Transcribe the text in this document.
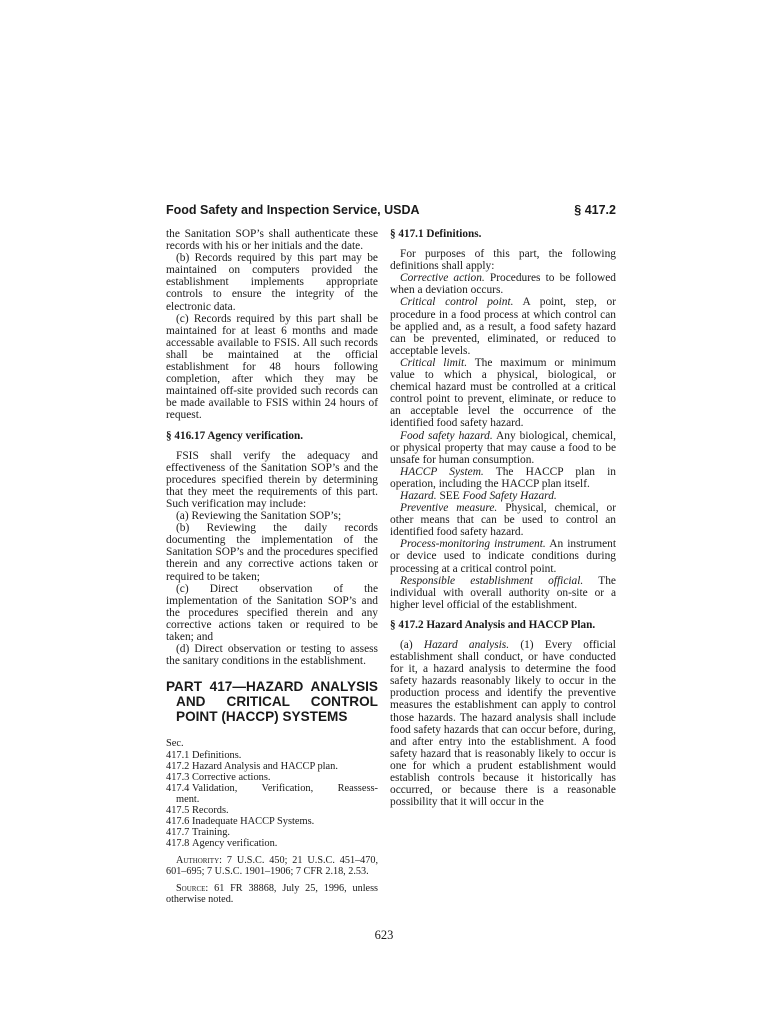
Food Safety and Inspection Service, USDA	§ 417.2

the Sanitation SOP’s shall authenticate these records with his or her initials and the date.

(b) Records required by this part may be maintained on computers provided the establishment implements appropriate controls to ensure the integrity of the electronic data.

(c) Records required by this part shall be maintained for at least 6 months and made accessable available to FSIS. All such records shall be maintained at the official establishment for 48 hours following completion, after which they may be maintained off-site provided such records can be made available to FSIS within 24 hours of request.

§ 416.17 Agency verification.

FSIS shall verify the adequacy and effectiveness of the Sanitation SOP’s and the procedures specified therein by determining that they meet the requirements of this part. Such verification may include:

(a) Reviewing the Sanitation SOP’s;

(b) Reviewing the daily records documenting the implementation of the Sanitation SOP’s and the procedures specified therein and any corrective actions taken or required to be taken;

(c) Direct observation of the implementation of the Sanitation SOP’s and the procedures specified therein and any corrective actions taken or required to be taken; and

(d) Direct observation or testing to assess the sanitary conditions in the establishment.

PART 417—HAZARD ANALYSIS AND CRITICAL CONTROL POINT (HACCP) SYSTEMS

Sec.
417.1 Definitions.
417.2 Hazard Analysis and HACCP plan.
417.3 Corrective actions.
417.4 Validation, Verification, Reassess-
ment.
417.5 Records.
417.6 Inadequate HACCP Systems.
417.7 Training.
417.8 Agency verification.

Authority: 7 U.S.C. 450; 21 U.S.C. 451–470, 601–695; 7 U.S.C. 1901–1906; 7 CFR 2.18, 2.53.

Source: 61 FR 38868, July 25, 1996, unless otherwise noted.

§ 417.1 Definitions.

For purposes of this part, the following definitions shall apply:

Corrective action. Procedures to be followed when a deviation occurs.

Critical control point. A point, step, or procedure in a food process at which control can be applied and, as a result, a food safety hazard can be prevented, eliminated, or reduced to acceptable levels.

Critical limit. The maximum or minimum value to which a physical, biological, or chemical hazard must be controlled at a critical control point to prevent, eliminate, or reduce to an acceptable level the occurrence of the identified food safety hazard.

Food safety hazard. Any biological, chemical, or physical property that may cause a food to be unsafe for human consumption.

HACCP System. The HACCP plan in operation, including the HACCP plan itself.

Hazard. SEE Food Safety Hazard.

Preventive measure. Physical, chemical, or other means that can be used to control an identified food safety hazard.

Process-monitoring instrument. An instrument or device used to indicate conditions during processing at a critical control point.

Responsible establishment official. The individual with overall authority on-site or a higher level official of the establishment.

§ 417.2 Hazard Analysis and HACCP Plan.

(a) Hazard analysis. (1) Every official establishment shall conduct, or have conducted for it, a hazard analysis to determine the food safety hazards reasonably likely to occur in the production process and identify the preventive measures the establishment can apply to control those hazards. The hazard analysis shall include food safety hazards that can occur before, during, and after entry into the establishment. A food safety hazard that is reasonably likely to occur is one for which a prudent establishment would establish controls because it historically has occurred, or because there is a reasonable possibility that it will occur in the

623
